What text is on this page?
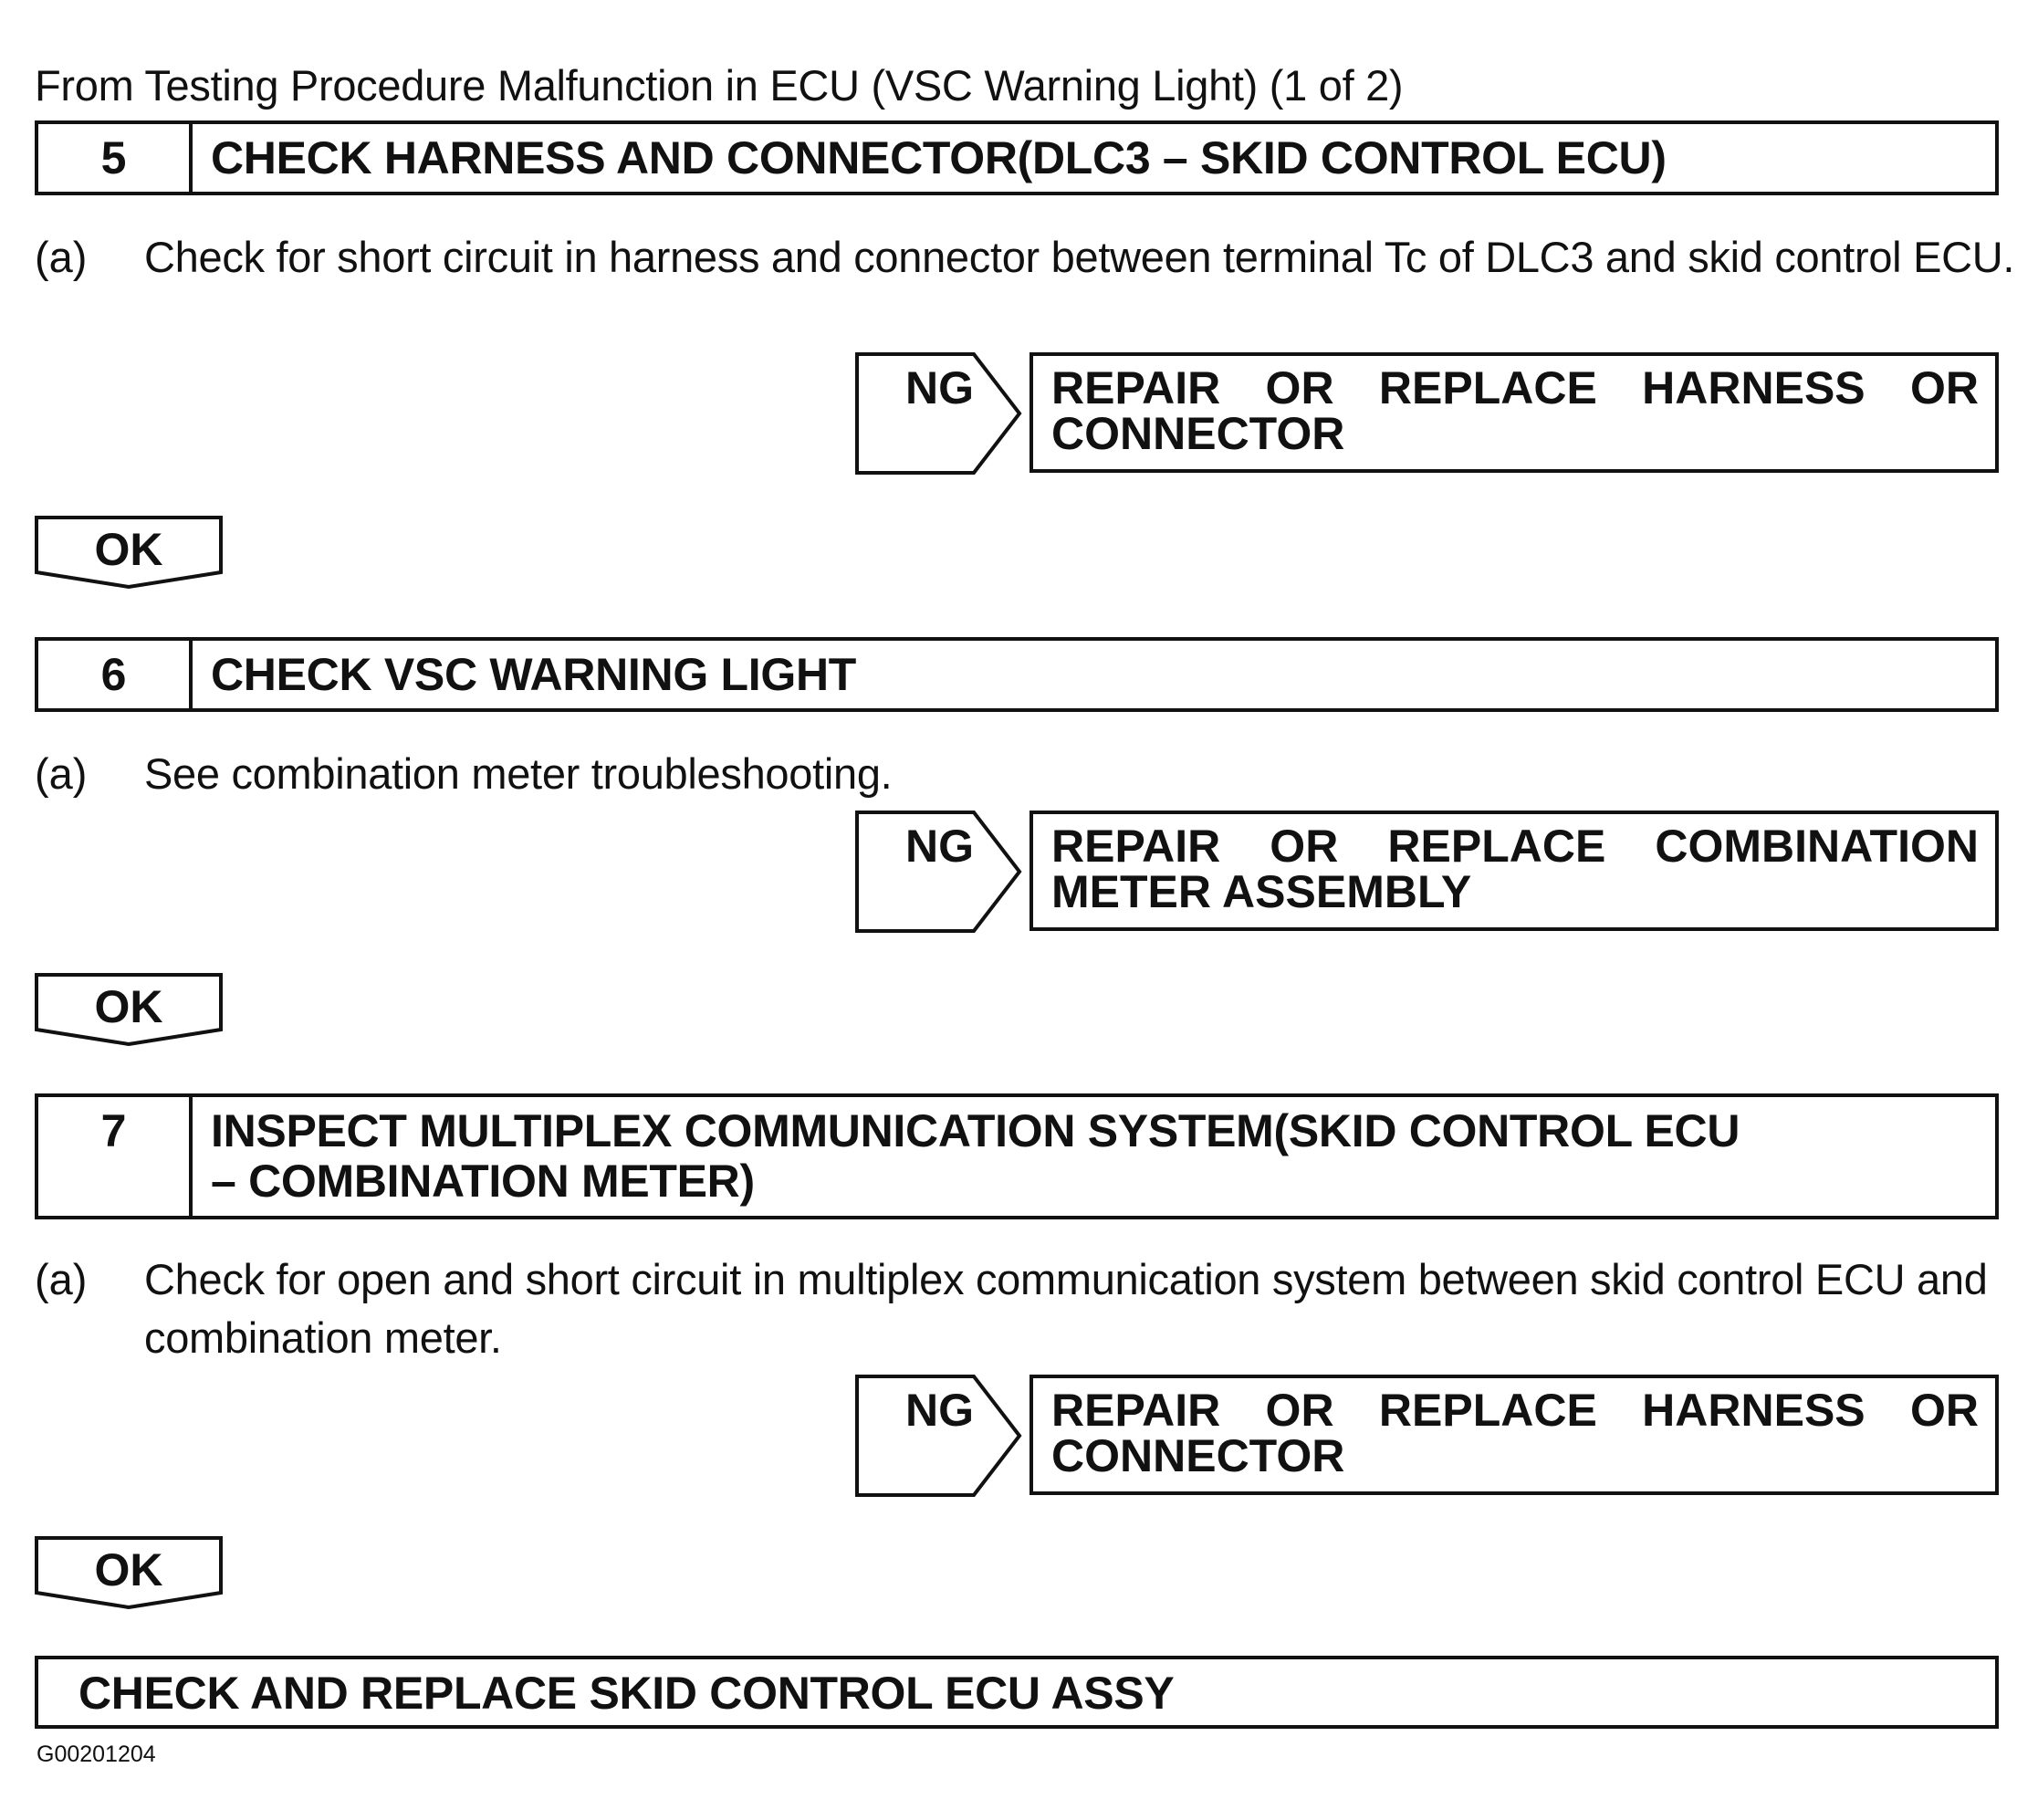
From Testing Procedure Malfunction in ECU (VSC Warning Light) (1 of 2)
5	CHECK HARNESS AND CONNECTOR(DLC3 – SKID CONTROL ECU)
(a)	Check for short circuit in harness and connector between terminal Tc of DLC3 and skid control ECU.
NG	REPAIR OR REPLACE HARNESS OR CONNECTOR
OK
6	CHECK VSC WARNING LIGHT
(a)	See combination meter troubleshooting.
NG	REPAIR OR REPLACE COMBINATION METER ASSEMBLY
OK
7	INSPECT MULTIPLEX COMMUNICATION SYSTEM(SKID CONTROL ECU – COMBINATION METER)
(a)	Check for open and short circuit in multiplex communication system between skid control ECU and combination meter.
NG	REPAIR OR REPLACE HARNESS OR CONNECTOR
OK
CHECK AND REPLACE SKID CONTROL ECU ASSY
G00201204
